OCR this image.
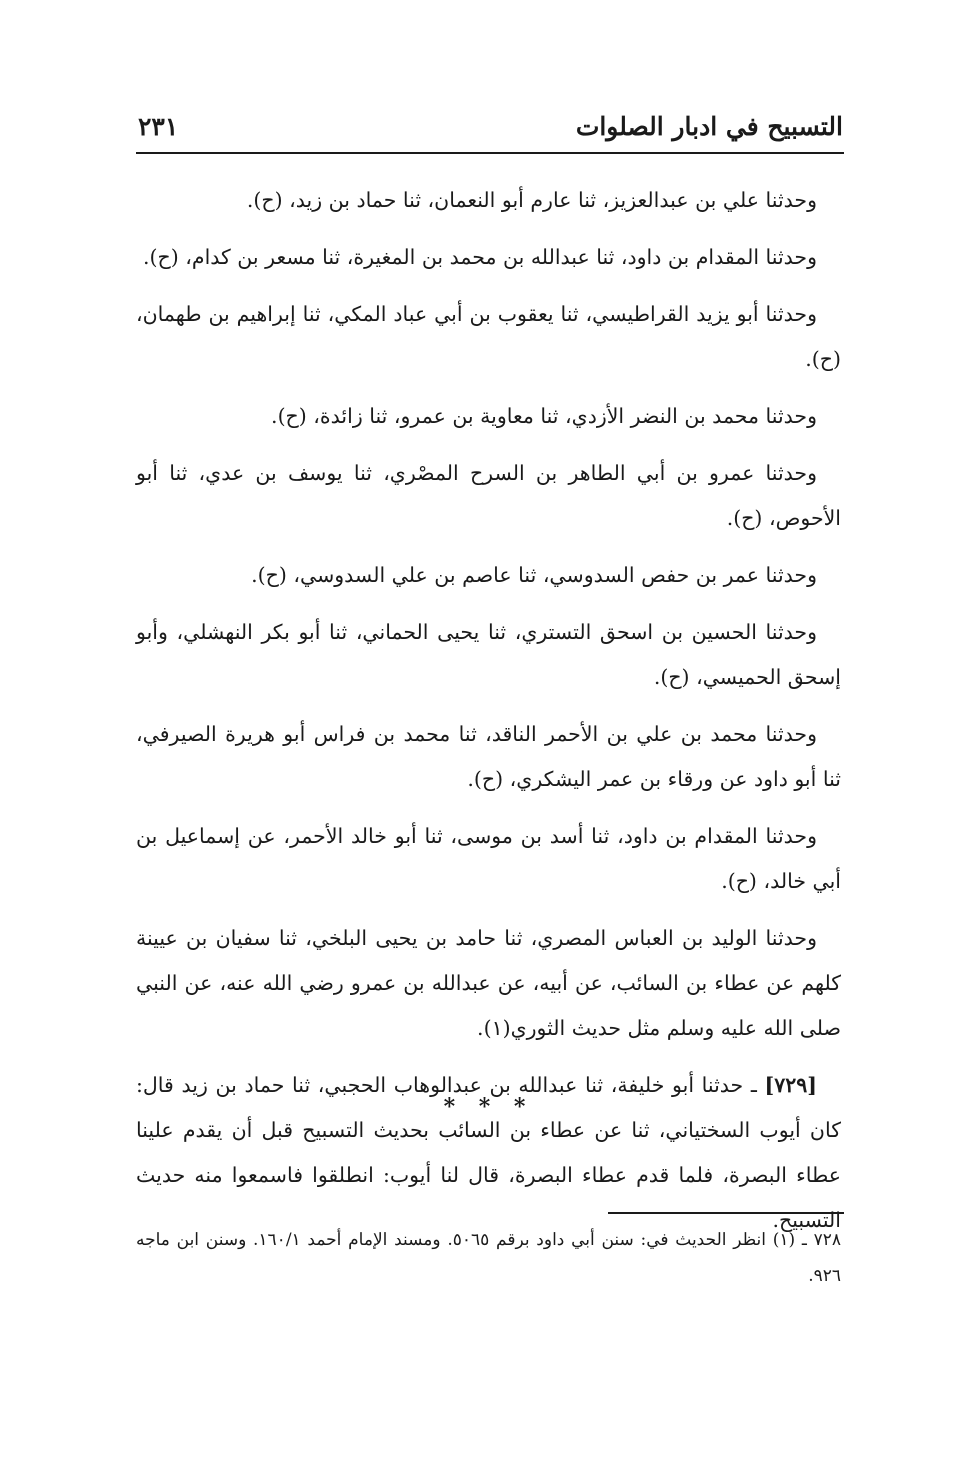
التسبيح في ادبار الصلوات
٢٣١

وحدثنا علي بن عبدالعزيز، ثنا عارم أبو النعمان، ثنا حماد بن زيد، (ح).

وحدثنا المقدام بن داود، ثنا عبدالله بن محمد بن المغيرة، ثنا مسعر بن كدام، (ح).

وحدثنا أبو يزيد القراطيسي، ثنا يعقوب بن أبي عباد المكي، ثنا إبراهيم بن طهمان، (ح).

وحدثنا محمد بن النضر الأزدي، ثنا معاوية بن عمرو، ثنا زائدة، (ح).

وحدثنا عمرو بن أبي الطاهر بن السرح المصْري، ثنا يوسف بن عدي، ثنا أبو الأحوص، (ح).

وحدثنا عمر بن حفص السدوسي، ثنا عاصم بن علي السدوسي، (ح).

وحدثنا الحسين بن اسحق التستري، ثنا يحيى الحماني، ثنا أبو بكر النهشلي، وأبو إسحق الحميسي، (ح).

وحدثنا محمد بن علي بن الأحمر الناقد، ثنا محمد بن فراس أبو هريرة الصيرفي، ثنا أبو داود عن ورقاء بن عمر اليشكري، (ح).

وحدثنا المقدام بن داود، ثنا أسد بن موسى، ثنا أبو خالد الأحمر، عن إسماعيل بن أبي خالد، (ح).

وحدثنا الوليد بن العباس المصري، ثنا حامد بن يحيى البلخي، ثنا سفيان بن عيينة كلهم عن عطاء بن السائب، عن أبيه، عن عبدالله بن عمرو رضي الله عنه، عن النبي صلى الله عليه وسلم مثل حديث الثوري(١).

[٧٢٩] ـ حدثنا أبو خليفة، ثنا عبدالله بن عبدالوهاب الحجبي، ثنا حماد بن زيد قال: كان أيوب السختياني، ثنا عن عطاء بن السائب بحديث التسبيح قبل أن يقدم علينا عطاء البصرة، فلما قدم عطاء البصرة، قال لنا أيوب: انطلقوا فاسمعوا منه حديث التسبيح.

* * *

٧٢٨ ـ (١) انظر الحديث في: سنن أبي داود برقم ٥٠٦٥. ومسند الإمام أحمد ١٦٠/١. وسنن ابن ماجه ٩٢٦.
